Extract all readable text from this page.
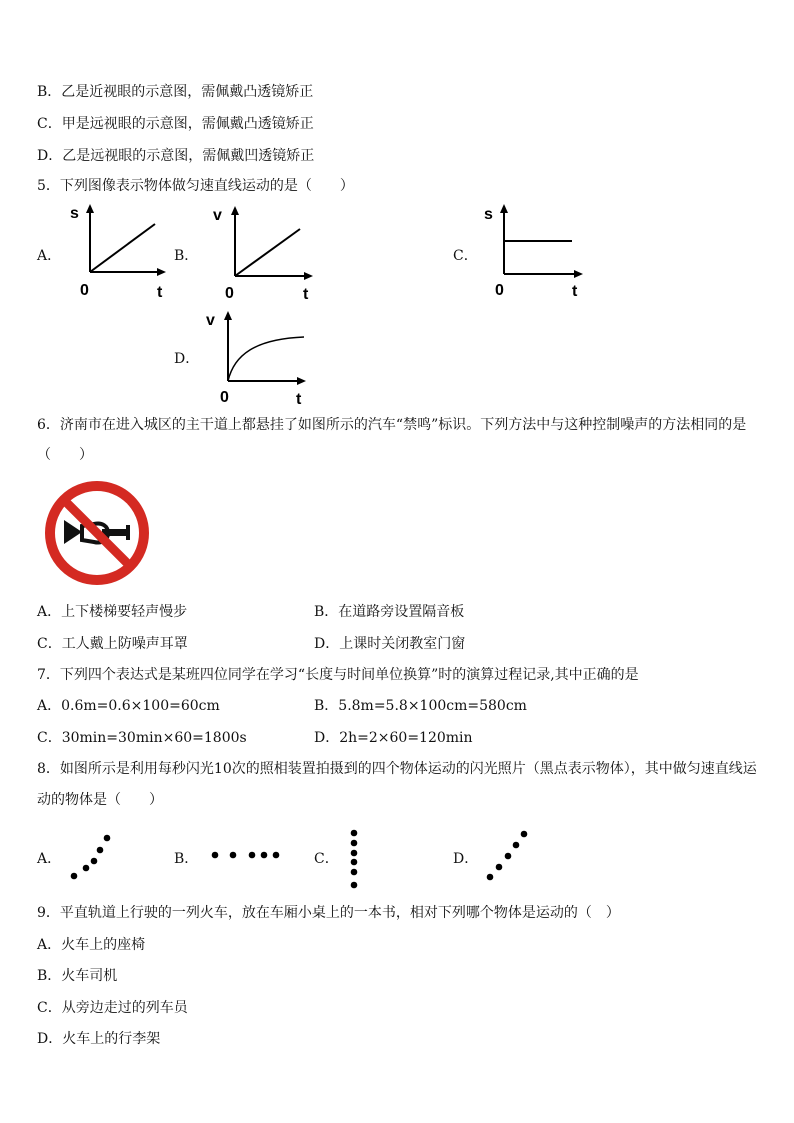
B．乙是近视眼的示意图，需佩戴凸透镜矫正
C．甲是远视眼的示意图，需佩戴凸透镜矫正
D．乙是远视眼的示意图，需佩戴凹透镜矫正
5．下列图像表示物体做匀速直线运动的是（　　）
A．
s
0	t
B．
v
0	t
C．
s
0	t
D．
v
0	t
6．济南市在进入城区的主干道上都悬挂了如图所示的汽车“禁鸣”标识。下列方法中与这种控制噪声的方法相同的是
（　　）
A．上下楼梯要轻声慢步	B．在道路旁设置隔音板
C．工人戴上防噪声耳罩	D．上课时关闭教室门窗
7．下列四个表达式是某班四位同学在学习“长度与时间单位换算”时的演算过程记录,其中正确的是
A．0.6m=0.6×100=60cm	B．5.8m=5.8×100cm=580cm
C．30min=30min×60=1800s	D．2h=2×60=120min
8．如图所示是利用每秒闪光10次的照相装置拍摄到的四个物体运动的闪光照片（黑点表示物体），其中做匀速直线运
动的物体是（　　）
A．	B．	C．	D．
9．平直轨道上行驶的一列火车，放在车厢小桌上的一本书，相对下列哪个物体是运动的（　）
A．火车上的座椅
B．火车司机
C．从旁边走过的列车员
D．火车上的行李架
